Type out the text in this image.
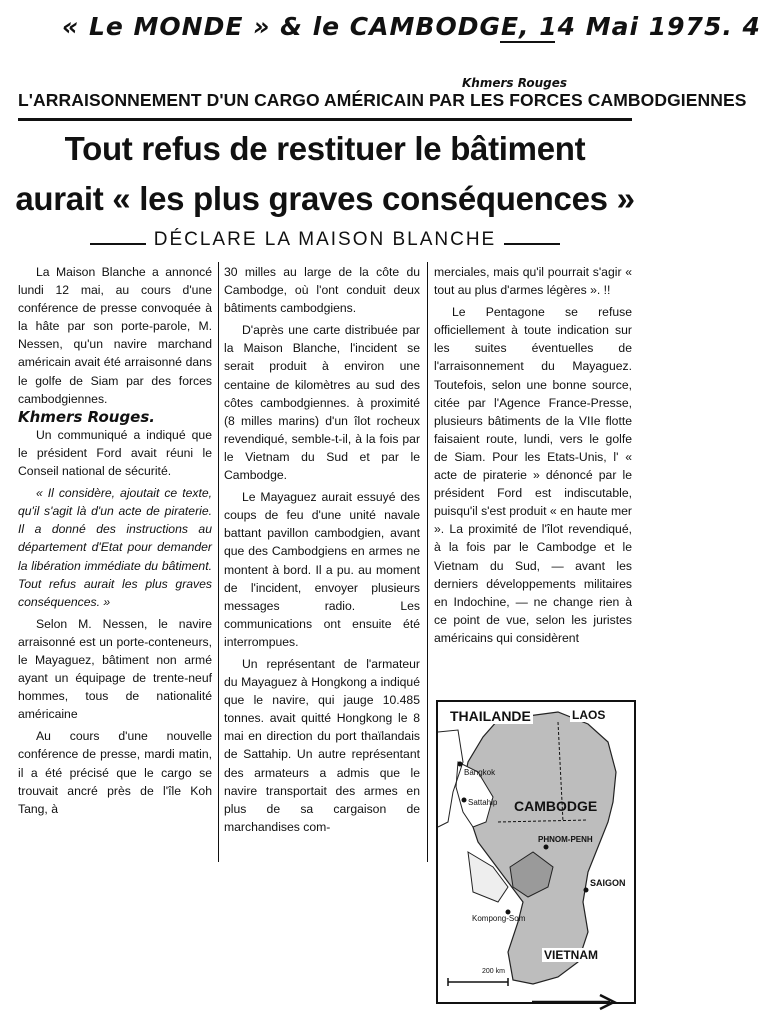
« Le MONDE » & le CAMBODGE, 14 Mai 1975. 4
Khmers Rouges
L'ARRAISONNEMENT D'UN CARGO AMÉRICAIN PAR LES FORCES CAMBODGIENNES
Tout refus de restituer le bâtiment
aurait « les plus graves conséquences »
DÉCLARE LA MAISON BLANCHE

La Maison Blanche a annoncé lundi 12 mai, au cours d'une conférence de presse convoquée à la hâte par son porte-parole, M. Nessen, qu'un navire marchand américain avait été arraisonné dans le golfe de Siam par des forces cambodgiennes.

Khmers Rouges.

Un communiqué a indiqué que le président Ford avait réuni le Conseil national de sécurité.

« Il considère, ajoutait ce texte, qu'il s'agit là d'un acte de piraterie. Il a donné des instructions au département d'Etat pour demander la libération immédiate du bâtiment. Tout refus aurait les plus graves conséquences. »

Selon M. Nessen, le navire arraisonné est un porte-conteneurs, le Mayaguez, bâtiment non armé ayant un équipage de trente-neuf hommes, tous de nationalité américaine

Au cours d'une nouvelle conférence de presse, mardi matin, il a été précisé que le cargo se trouvait ancré près de l'île Koh Tang, à

30 milles au large de la côte du Cambodge, où l'ont conduit deux bâtiments cambodgiens.

D'après une carte distribuée par la Maison Blanche, l'incident se serait produit à environ une centaine de kilomètres au sud des côtes cambodgiennes. à proximité (8 milles marins) d'un îlot rocheux revendiqué, semble-t-il, à la fois par le Vietnam du Sud et par le Cambodge.

Le Mayaguez aurait essuyé des coups de feu d'une unité navale battant pavillon cambodgien, avant que des Cambodgiens en armes ne montent à bord. Il a pu. au moment de l'incident, envoyer plusieurs messages radio. Les communications ont ensuite été interrompues.

Un représentant de l'armateur du Mayaguez à Hongkong a indiqué que le navire, qui jauge 10.485 tonnes. avait quitté Hongkong le 8 mai en direction du port thaïlandais de Sattahip. Un autre représentant des armateurs a admis que le navire transportait des armes en plus de sa cargaison de marchandises com-

merciales, mais qu'il pourrait s'agir « tout au plus d'armes légères ». !!

Le Pentagone se refuse officiellement à toute indication sur les suites éventuelles de l'arraisonnement du Mayaguez. Toutefois, selon une bonne source, citée par l'Agence France-Presse, plusieurs bâtiments de la VIIe flotte faisaient route, lundi, vers le golfe de Siam. Pour les Etats-Unis, l' « acte de piraterie » dénoncé par le président Ford est indiscutable, puisqu'il s'est produit « en haute mer ». La proximité de l'îlot revendiqué, à la fois par le Cambodge et le Vietnam du Sud, — avant les derniers développements militaires en Indochine, — ne change rien à ce point de vue, selon les juristes américains qui considèrent

THAILANDE	LAOS
Bangkok
Sattahip CAMBODGE
PHNOM-PENH
SAIGON
Kompong-Som
VIETNAM
200 km
